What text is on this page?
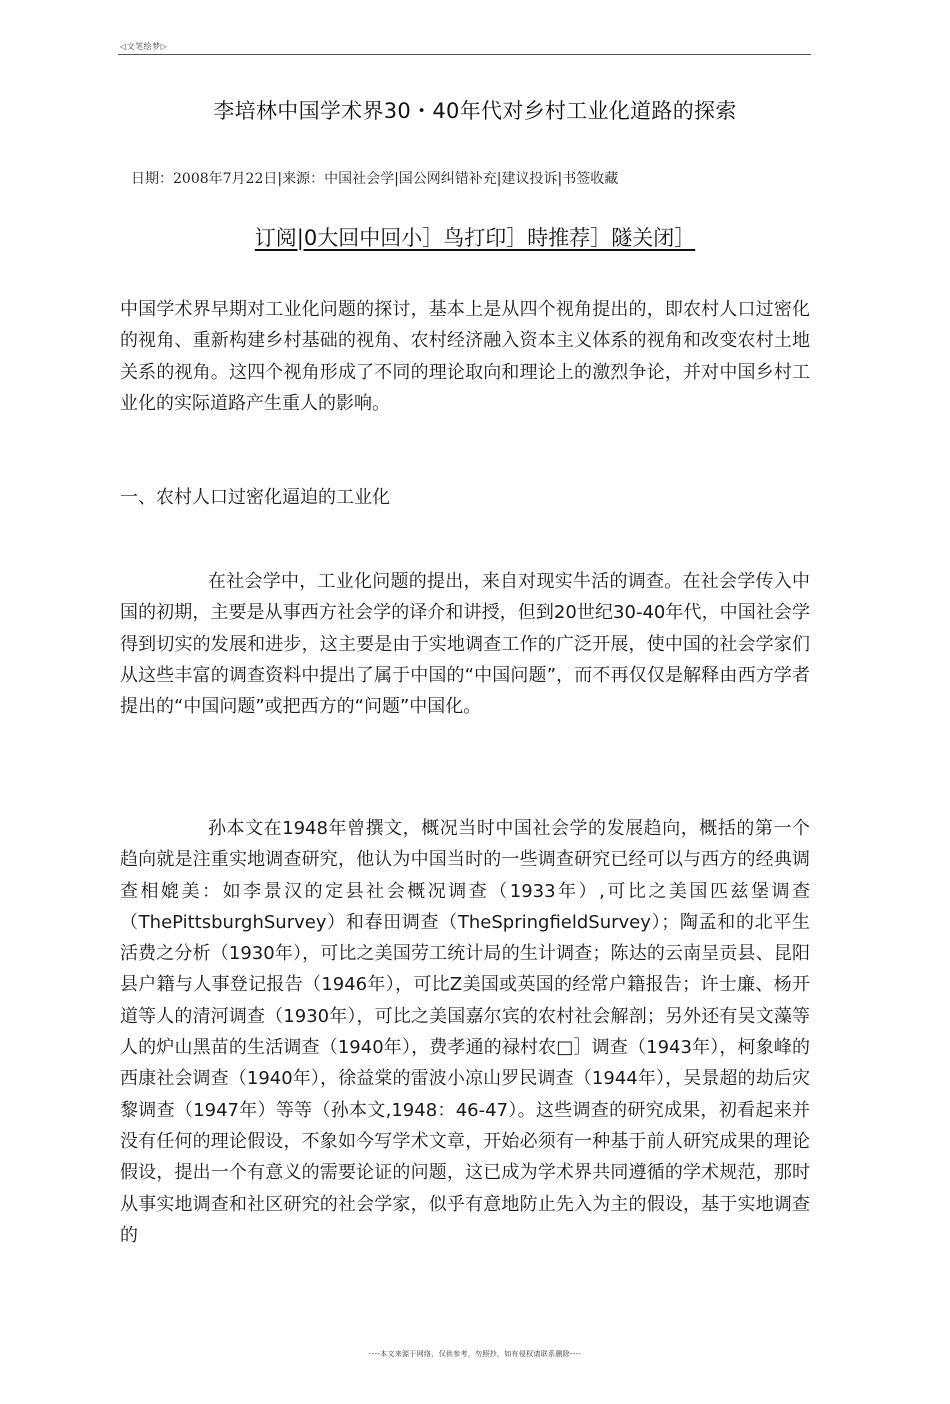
◁文笔绘梦▷
李培林中国学术界30・40年代对乡村工业化道路的探索
日期：2008年7月22日|来源：中国社会学|国公网纠错补充|建议投诉|书签收藏
订阅|0大回中回小］鸟打印］時推荐］隧关闭］

中国学术界早期对工业化问题的探讨，基本上是从四个视角提出的，即农村人口过密化的视角、重新构建乡村基础的视角、农村经济融入资本主义体系的视角和改变农村土地关系的视角。这四个视角形成了不同的理论取向和理论上的激烈争论，并对中国乡村工业化的实际道路产生重人的影响。

一、农村人口过密化逼迫的工业化

在社会学中，工业化问题的提出，来自对现实牛活的调查。在社会学传入中国的初期，主要是从事西方社会学的译介和讲授，但到20世纪30-40年代，中国社会学得到切实的发展和进步，这主要是由于实地调查工作的广泛开展，使中国的社会学家们从这些丰富的调查资料中提出了属于中国的“中国问题”，而不再仅仅是解释由西方学者提出的“中国问题”或把西方的“问题”中国化。

孙本文在1948年曾撰文，概况当时中国社会学的发展趋向，概括的第一个趋向就是注重实地调查研究，他认为中国当时的一些调查研究已经可以与西方的经典调查相媲美：如李景汉的定县社会概况调查（1933年）,可比之美国匹兹堡调查（ThePittsburghSurvey）和春田调查（TheSpringfieldSurvey）；陶孟和的北平生活费之分析（1930年），可比之美国劳工统计局的生计调查；陈达的云南呈贡县、昆阳县户籍与人事登记报告（1946年），可比Z美国或英国的经常户籍报告；许士廉、杨开道等人的清河调查（1930年），可比之美国嘉尔宾的农村社会解剖；另外还有吴文藻等人的炉山黑苗的生活调查（1940年），费孝通的禄村农□］调查（1943年），柯象峰的西康社会调查（1940年），徐益棠的雷波小凉山罗民调查（1944年），吴景超的劫后灾黎调查（1947年）等等（孙本文,1948：46-47）。这些调查的研究成果，初看起来并没有任何的理论假设，不象如今写学术文章，开始必须有一种基于前人研究成果的理论假设，提出一个有意义的需要论证的问题，这已成为学术界共同遵循的学术规范，那时从事实地调查和社区研究的社会学家，似乎有意地防止先入为主的假设，基于实地调查的

----本文来源于网络，仅供参考，勿照抄，如有侵权请联系删除----
